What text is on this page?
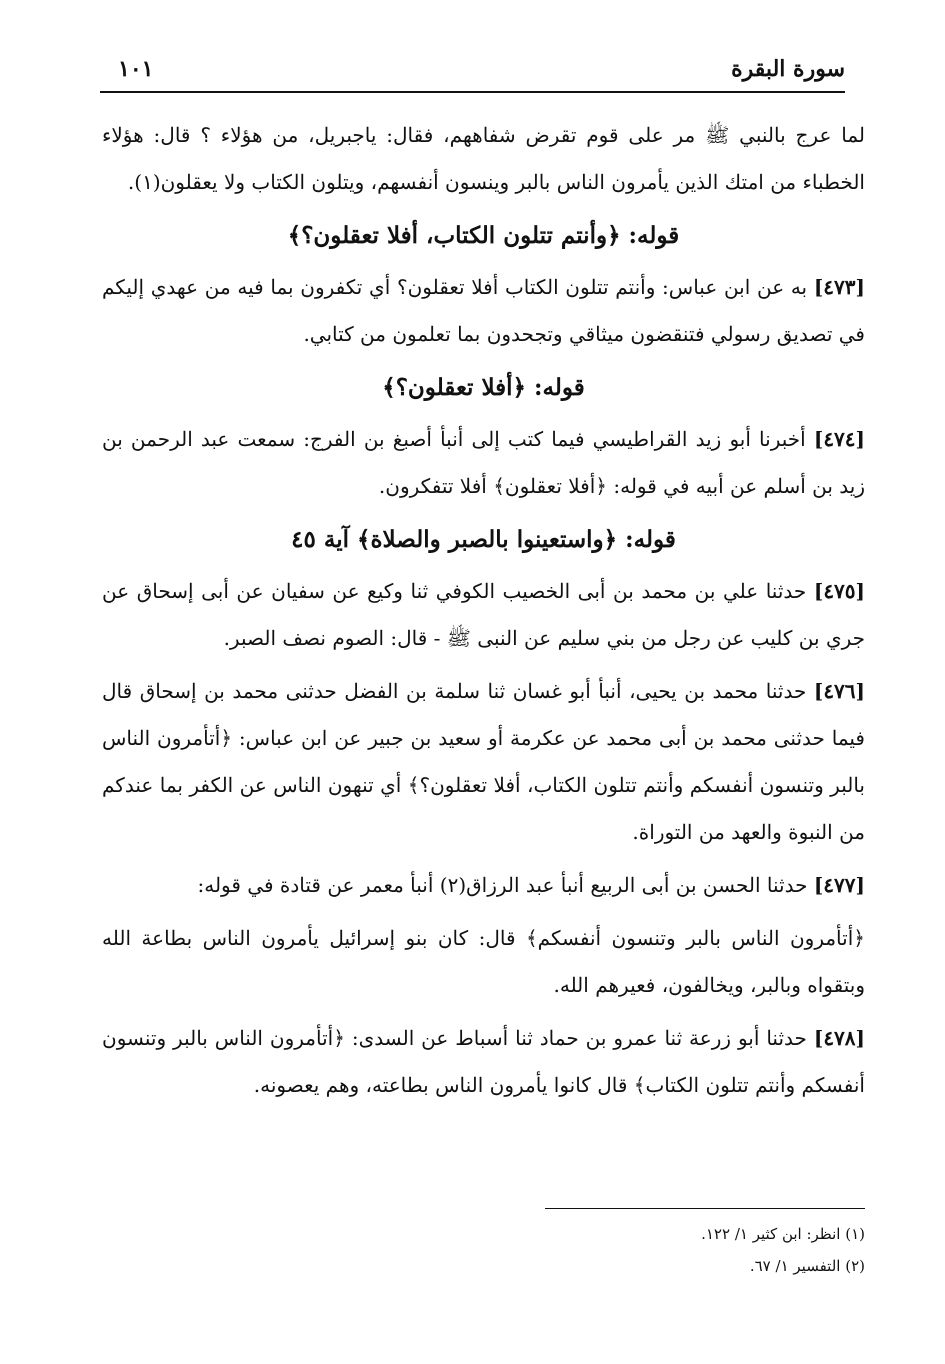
سورة البقرة
١٠١

لما عرج بالنبي ﷺ مر على قوم تقرض شفاههم، فقال: ياجبريل، من هؤلاء ؟ قال: هؤلاء الخطباء من امتك الذين يأمرون الناس بالبر وينسون أنفسهم، ويتلون الكتاب ولا يعقلون(١).

قوله: ﴿وأنتم تتلون الكتاب، أفلا تعقلون؟﴾

[٤٧٣] به عن ابن عباس: وأنتم تتلون الكتاب أفلا تعقلون؟ أي تكفرون بما فيه من عهدي إليكم في تصديق رسولي فتنقضون ميثاقي وتجحدون بما تعلمون من كتابي.

قوله: ﴿أفلا تعقلون؟﴾

[٤٧٤] أخبرنا أبو زيد القراطيسي فيما كتب إلى أنبأ أصبغ بن الفرج: سمعت عبد الرحمن بن زيد بن أسلم عن أبيه في قوله: ﴿أفلا تعقلون﴾ أفلا تتفكرون.

قوله: ﴿واستعينوا بالصبر والصلاة﴾ آية ٤٥

[٤٧٥] حدثنا علي بن محمد بن أبى الخصيب الكوفي ثنا وكيع عن سفيان عن أبى إسحاق عن جري بن كليب عن رجل من بني سليم عن النبى ﷺ - قال: الصوم نصف الصبر.

[٤٧٦] حدثنا محمد بن يحيى، أنبأ أبو غسان ثنا سلمة بن الفضل حدثنى محمد بن إسحاق قال فيما حدثنى محمد بن أبى محمد عن عكرمة أو سعيد بن جبير عن ابن عباس: ﴿أتأمرون الناس بالبر وتنسون أنفسكم وأنتم تتلون الكتاب، أفلا تعقلون؟﴾ أي تنهون الناس عن الكفر بما عندكم من النبوة والعهد من التوراة.

[٤٧٧] حدثنا الحسن بن أبى الربيع أنبأ عبد الرزاق(٢) أنبأ معمر عن قتادة في قوله:

﴿أتأمرون الناس بالبر وتنسون أنفسكم﴾ قال: كان بنو إسرائيل يأمرون الناس بطاعة الله وبتقواه وبالبر، ويخالفون، فعيرهم الله.

[٤٧٨] حدثنا أبو زرعة ثنا عمرو بن حماد ثنا أسباط عن السدى: ﴿أتأمرون الناس بالبر وتنسون أنفسكم وأنتم تتلون الكتاب﴾ قال كانوا يأمرون الناس بطاعته، وهم يعصونه.

(١) انظر: ابن كثير ١/ ١٢٢.
(٢) التفسير ١/ ٦٧.
